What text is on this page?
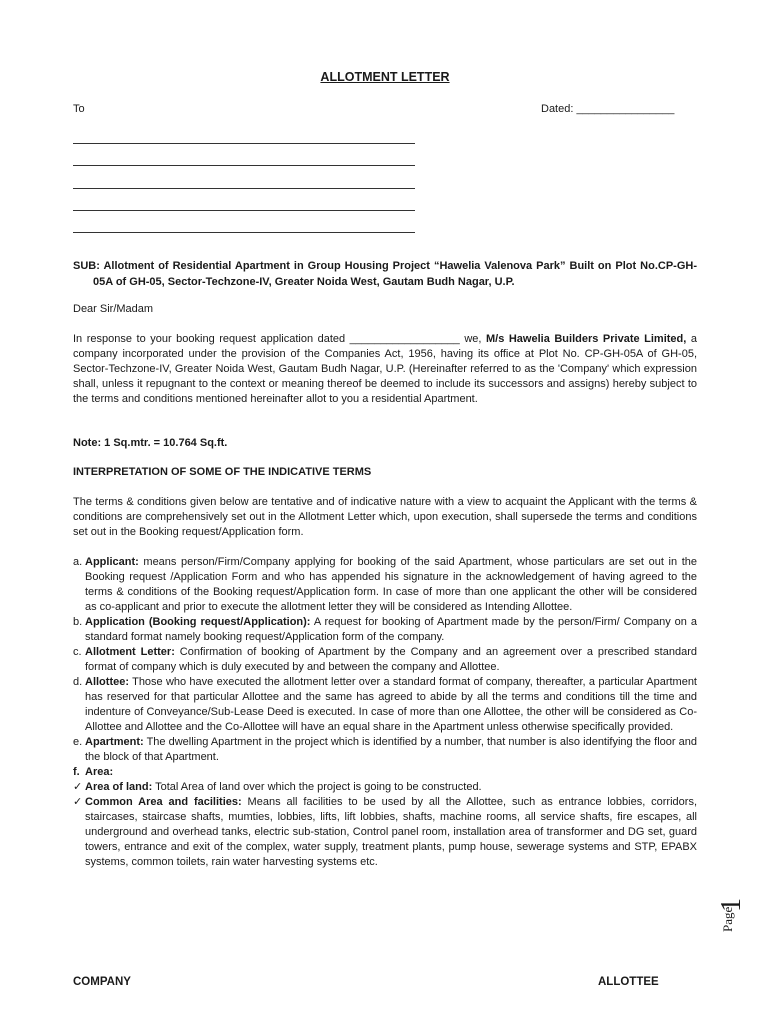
ALLOTMENT LETTER
To	Dated: ________________
SUB: Allotment of Residential Apartment in Group Housing Project “Hawelia Valenova Park” Built on Plot No.CP-GH-05A of GH-05, Sector-Techzone-IV, Greater Noida West, Gautam Budh Nagar, U.P.
Dear Sir/Madam
In response to your booking request application dated __________________ we, M/s Hawelia Builders Private Limited, a company incorporated under the provision of the Companies Act, 1956, having its office at Plot No. CP-GH-05A of GH-05, Sector-Techzone-IV, Greater Noida West, Gautam Budh Nagar, U.P. (Hereinafter referred to as the 'Company' which expression shall, unless it repugnant to the context or meaning thereof be deemed to include its successors and assigns) hereby subject to the terms and conditions mentioned hereinafter allot to you a residential Apartment.
Note: 1 Sq.mtr. = 10.764 Sq.ft.
INTERPRETATION OF SOME OF THE INDICATIVE TERMS
The terms & conditions given below are tentative and of indicative nature with a view to acquaint the Applicant with the terms & conditions are comprehensively set out in the Allotment Letter which, upon execution, shall supersede the terms and conditions set out in the Booking request/Application form.
a. Applicant: means person/Firm/Company applying for booking of the said Apartment, whose particulars are set out in the Booking request /Application Form and who has appended his signature in the acknowledgement of having agreed to the terms & conditions of the Booking request/Application form. In case of more than one applicant the other will be considered as co-applicant and prior to execute the allotment letter they will be considered as Intending Allottee.
b. Application (Booking request/Application): A request for booking of Apartment made by the person/Firm/ Company on a standard format namely booking request/Application form of the company.
c. Allotment Letter: Confirmation of booking of Apartment by the Company and an agreement over a prescribed standard format of company which is duly executed by and between the company and Allottee.
d. Allottee: Those who have executed the allotment letter over a standard format of company, thereafter, a particular Apartment has reserved for that particular Allottee and the same has agreed to abide by all the terms and conditions till the time and indenture of Conveyance/Sub-Lease Deed is executed. In case of more than one Allottee, the other will be considered as Co-Allottee and Allottee and the Co-Allottee will have an equal share in the Apartment unless otherwise specifically provided.
e. Apartment: The dwelling Apartment in the project which is identified by a number, that number is also identifying the floor and the block of that Apartment.
f. Area:
✓ Area of land: Total Area of land over which the project is going to be constructed.
✓ Common Area and facilities: Means all facilities to be used by all the Allottee, such as entrance lobbies, corridors, staircases, staircase shafts, mumties, lobbies, lifts, lift lobbies, shafts, machine rooms, all service shafts, fire escapes, all underground and overhead tanks, electric sub-station, Control panel room, installation area of transformer and DG set, guard towers, entrance and exit of the complex, water supply, treatment plants, pump house, sewerage systems and STP, EPABX systems, common toilets, rain water harvesting systems etc.
Page
1
COMPANY	ALLOTTEE
